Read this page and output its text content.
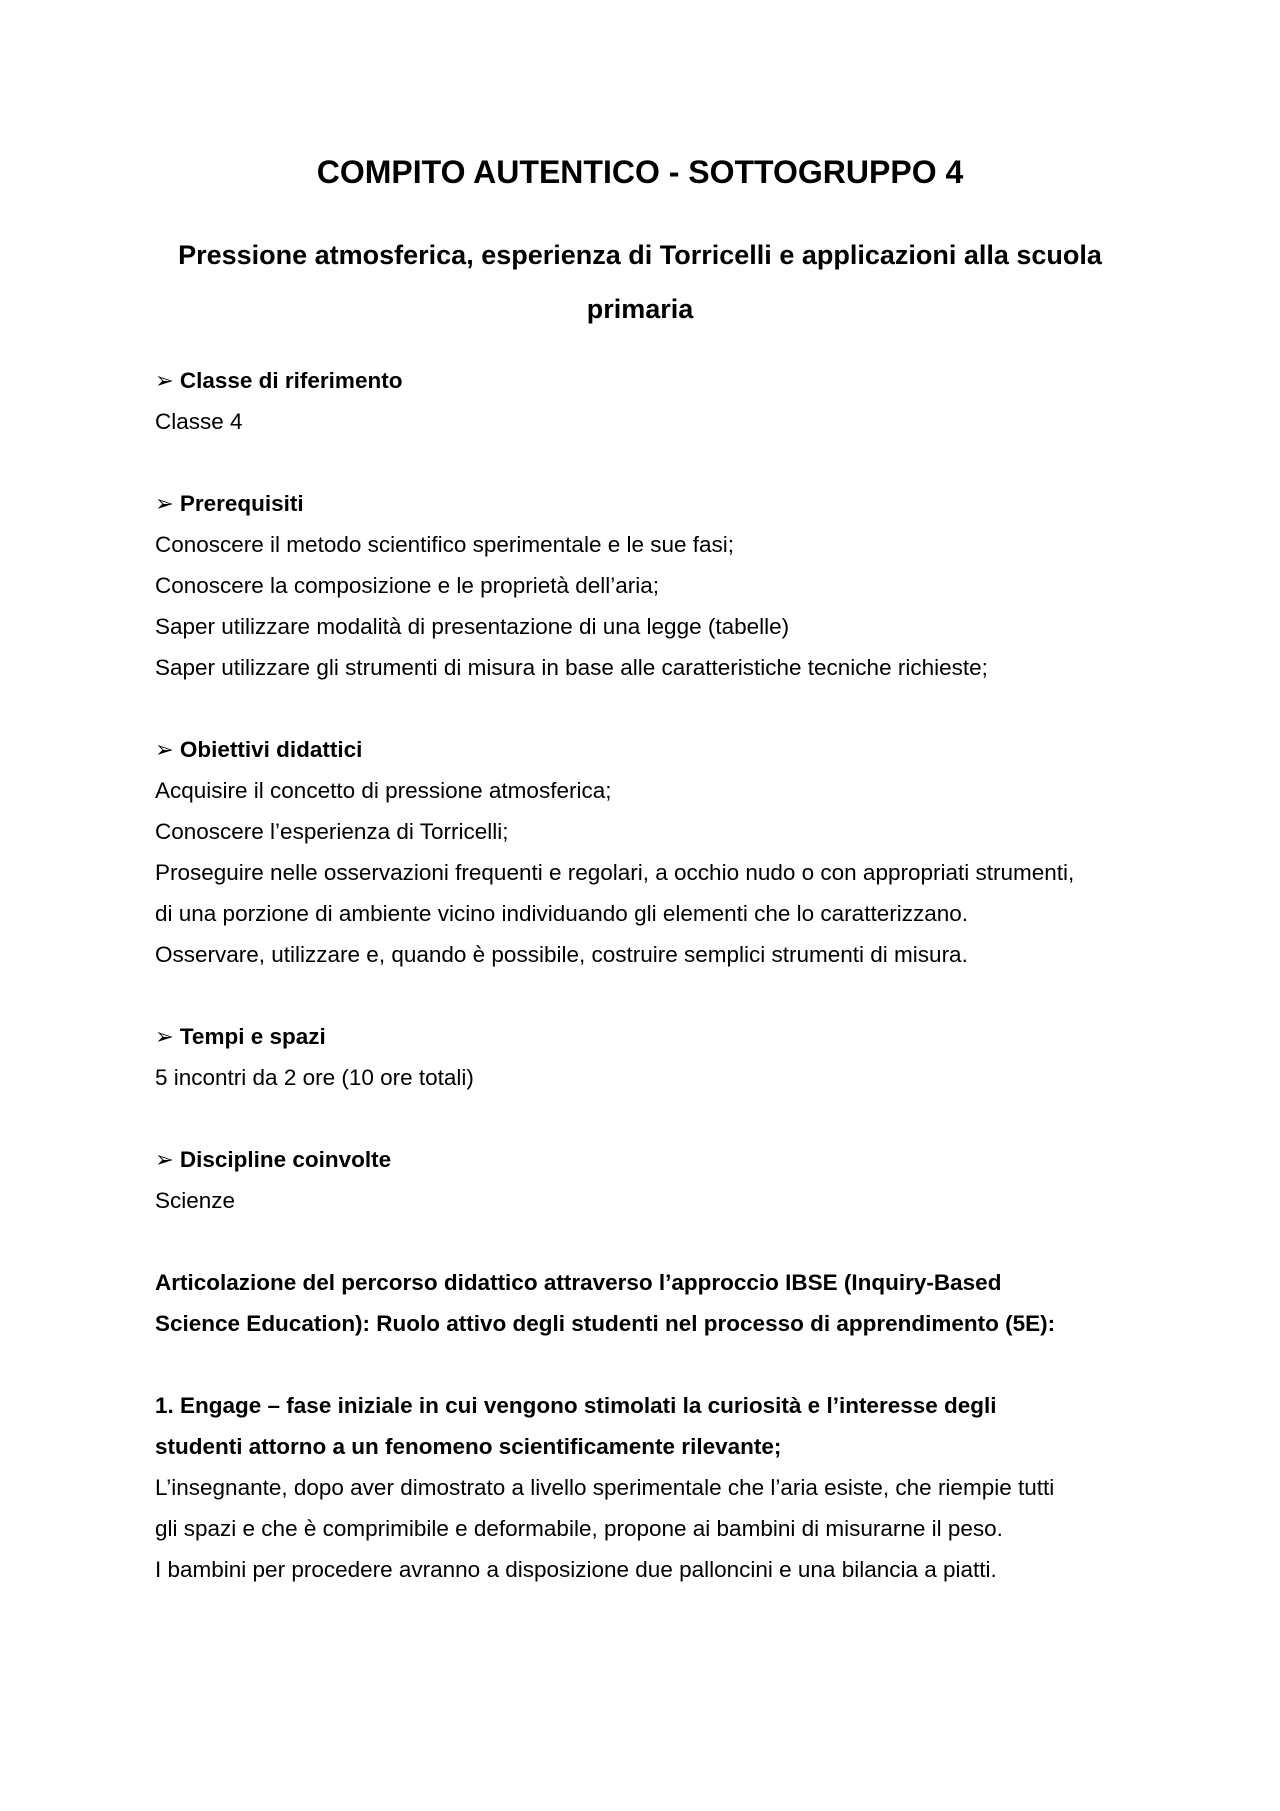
COMPITO AUTENTICO - SOTTOGRUPPO 4
Pressione atmosferica, esperienza di Torricelli e applicazioni alla scuola primaria
➢ Classe di riferimento
Classe 4
➢ Prerequisiti
Conoscere il metodo scientifico sperimentale e le sue fasi;
Conoscere la composizione e le proprietà dell’aria;
Saper utilizzare modalità di presentazione di una legge (tabelle)
Saper utilizzare gli strumenti di misura in base alle caratteristiche tecniche richieste;
➢ Obiettivi didattici
Acquisire il concetto di pressione atmosferica;
Conoscere l’esperienza di Torricelli;
Proseguire nelle osservazioni frequenti e regolari, a occhio nudo o con appropriati strumenti,
di una porzione di ambiente vicino individuando gli elementi che lo caratterizzano.
Osservare, utilizzare e, quando è possibile, costruire semplici strumenti di misura.
➢ Tempi e spazi
5 incontri da 2 ore (10 ore totali)
➢ Discipline coinvolte
Scienze
Articolazione del percorso didattico attraverso l’approccio IBSE (Inquiry-Based
Science Education): Ruolo attivo degli studenti nel processo di apprendimento (5E):
1. Engage – fase iniziale in cui vengono stimolati la curiosità e l’interesse degli
studenti attorno a un fenomeno scientificamente rilevante;
L’insegnante, dopo aver dimostrato a livello sperimentale che l’aria esiste, che riempie tutti
gli spazi e che è comprimibile e deformabile, propone ai bambini di misurarne il peso.
I bambini per procedere avranno a disposizione due palloncini e una bilancia a piatti.
